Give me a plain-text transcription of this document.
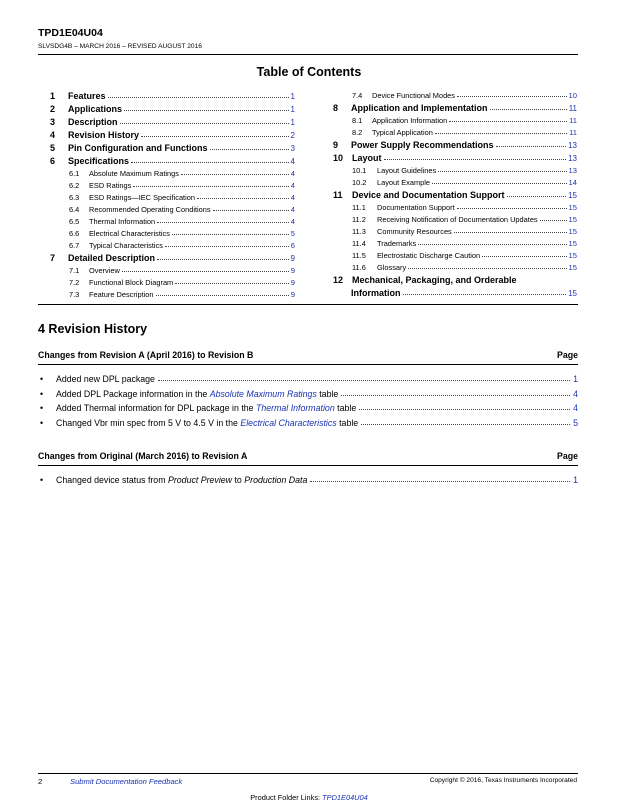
TPD1E04U04
SLVSDG4B – MARCH 2016 – REVISED AUGUST 2016
Table of Contents
1	Features	1
2	Applications	1
3	Description	1
4	Revision History	2
5	Pin Configuration and Functions	3
6	Specifications	4
6.1	Absolute Maximum Ratings	4
6.2	ESD Ratings	4
6.3	ESD Ratings—IEC Specification	4
6.4	Recommended Operating Conditions	4
6.5	Thermal Information	4
6.6	Electrical Characteristics	5
6.7	Typical Characteristics	6
7	Detailed Description	9
7.1	Overview	9
7.2	Functional Block Diagram	9
7.3	Feature Description	9
7.4	Device Functional Modes	10
8	Application and Implementation	11
8.1	Application Information	11
8.2	Typical Application	11
9	Power Supply Recommendations	13
10 Layout	13
10.1	Layout Guidelines	13
10.2	Layout Example	14
11	Device and Documentation Support	15
11.1	Documentation Support	15
11.2	Receiving Notification of Documentation Updates	15
11.3	Community Resources	15
11.4	Trademarks	15
11.5	Electrostatic Discharge Caution	15
11.6	Glossary	15
12 Mechanical, Packaging, and Orderable
Information	15
4 Revision History
Changes from Revision A (April 2016) to Revision B	Page
•	Added new DPL package	1
•	Added DPL Package information in the Absolute Maximum Ratings table	4
•	Added Thermal information for DPL package in the Thermal Information table	4
•	Changed Vbr min spec from 5 V to 4.5 V in the Electrical Characteristics table	5
Changes from Original (March 2016) to Revision A	Page
•	Changed device status from Product Preview to Production Data	1
2	Submit Documentation Feedback	Copyright © 2016, Texas Instruments Incorporated
Product Folder Links: TPD1E04U04
